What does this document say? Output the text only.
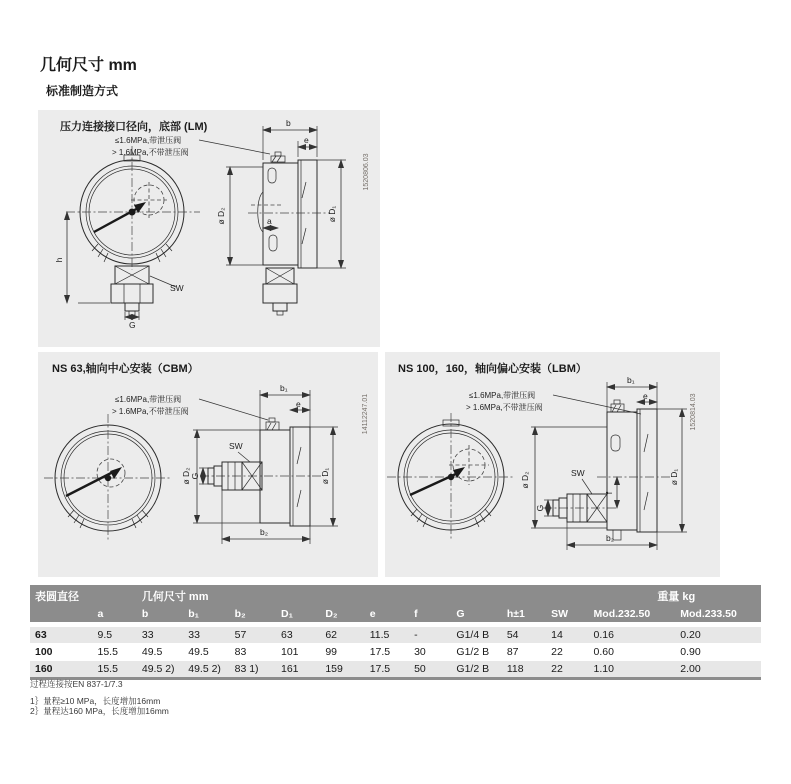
几何尺寸 mm
标准制造方式
压力连接接口径向，底部 (LM)
≤1.6MPa,带泄压阀
> 1.6MPa,不带泄压阀
G
h
SW
a
b
e
ø D₁
ø D₂
1520806.03
NS 63,轴向中心安装（CBM）
≤1.6MPa,带泄压阀
> 1.6MPa,不带泄压阀
G
SW
b₁
e
ø D₁
ø D₂
b₂
14112247.01
NS 100，160，轴向偏心安装（LBM）
≤1.6MPa,带泄压阀
> 1.6MPa,不带泄压阀
G
SW
f
b₁
e
ø D₁
ø D₂
b₂
1520814.03
表圆直径		几何尺寸 mm										重量 kg	
	a	b	b₁	b₂	D₁	D₂	e	f	G	h±1	SW	Mod.232.50	Mod.233.50
63	9.5	33	33	57	63	62	11.5	-	G1/4 B	54	14	0.16	0.20
100	15.5	49.5	49.5	83	101	99	17.5	30	G1/2 B	87	22	0.60	0.90
160	15.5	49.5 2)	49.5 2)	83 1)	161	159	17.5	50	G1/2 B	118	22	1.10	2.00
过程连接按EN 837-1/7.3
1｝量程≥10 MPa，长度增加16mm
2｝量程达160 MPa，长度增加16mm
